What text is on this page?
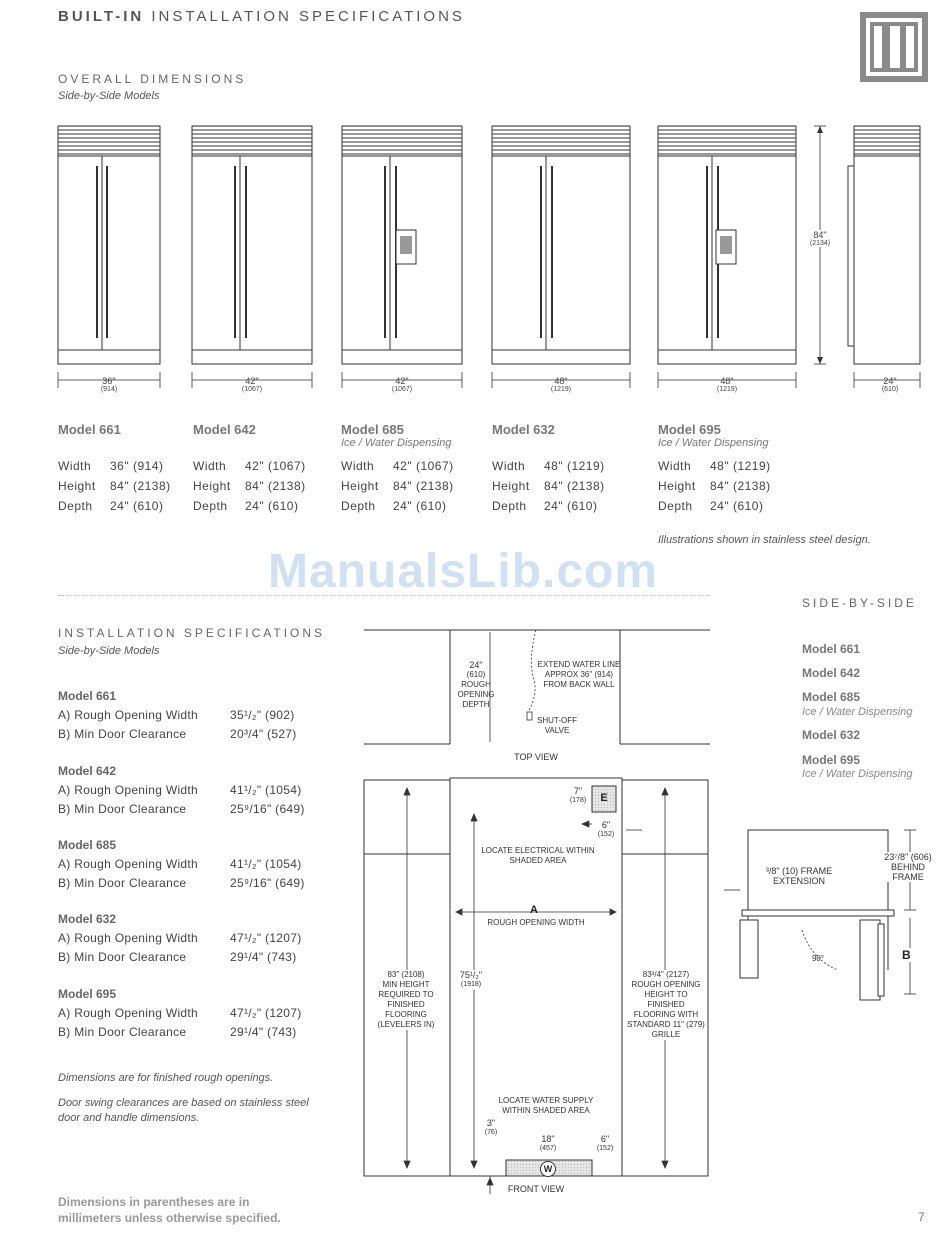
BUILT-IN INSTALLATION SPECIFICATIONS
OVERALL DIMENSIONS
Side-by-Side Models
36"
(914)
42"
(1067)
42"
(1067)
48"
(1219)
48"
(1219)
24"
(610)
84"
(2134)
Model 661
Width 36" (914)
Height 84" (2138)
Depth 24" (610)
Model 642
Width 42" (1067)
Height 84" (2138)
Depth 24" (610)
Model 685
Ice / Water Dispensing
Width 42" (1067)
Height 84" (2138)
Depth 24" (610)
Model 632
Width 48" (1219)
Height 84" (2138)
Depth 24" (610)
Model 695
Ice / Water Dispensing
Width 48" (1219)
Height 84" (2138)
Depth 24" (610)
Illustrations shown in stainless steel design.
ManualsLib.com
INSTALLATION SPECIFICATIONS
Side-by-Side Models
Model 661
A) Rough Opening Width	35¹/₂" (902)
B) Min Door Clearance	20³/4" (527)
Model 642
A) Rough Opening Width	41¹/₂" (1054)
B) Min Door Clearance	25⁹/16" (649)
Model 685
A) Rough Opening Width	41¹/₂" (1054)
B) Min Door Clearance	25⁹/16" (649)
Model 632
A) Rough Opening Width	47¹/₂" (1207)
B) Min Door Clearance	29¹/4" (743)
Model 695
A) Rough Opening Width	47¹/₂" (1207)
B) Min Door Clearance	29¹/4" (743)
Dimensions are for finished rough openings.
Door swing clearances are based on stainless steel door and handle dimensions.
SIDE-BY-SIDE
Model 661
Model 642
Model 685
Ice / Water Dispensing
Model 632
Model 695
Ice / Water Dispensing
24"
(610)
ROUGH OPENING DEPTH
EXTEND WATER LINE APPROX 36" (914) FROM BACK WALL
SHUT-OFF VALVE
TOP VIEW
7"
(178)	E
6"
(152)
LOCATE ELECTRICAL WITHIN SHADED AREA
A
ROUGH OPENING WIDTH
83" (2108)
MIN HEIGHT REQUIRED TO FINISHED FLOORING (LEVELERS IN)
75¹/₂"
(1918)
83³/4" (2127)
ROUGH OPENING HEIGHT TO FINISHED FLOORING WITH STANDARD 11" (279) GRILLE
LOCATE WATER SUPPLY WITHIN SHADED AREA
3"
(76)
18"
(457)
6"
(152)
W
FRONT VIEW
³/8" (10) FRAME EXTENSION
23⁷/8" (606) BEHIND FRAME
90°	B
Dimensions in parentheses are in
millimeters unless otherwise specified.	7
